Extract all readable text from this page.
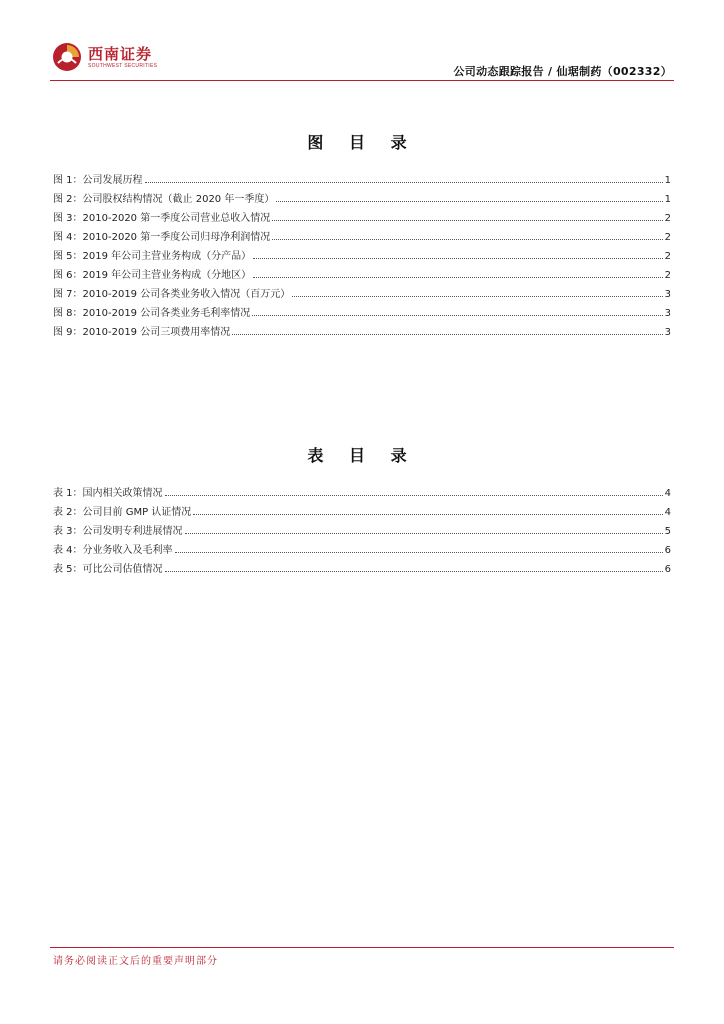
西南证券
SOUTHWEST SECURITIES	公司动态跟踪报告 / 仙琚制药（002332）
图 目 录
图 1：公司发展历程	1
图 2：公司股权结构情况（截止 2020 年一季度）	1
图 3：2010-2020 第一季度公司营业总收入情况	2
图 4：2010-2020 第一季度公司归母净利润情况	2
图 5：2019 年公司主营业务构成（分产品）	2
图 6：2019 年公司主营业务构成（分地区）	2
图 7：2010-2019 公司各类业务收入情况（百万元）	3
图 8：2010-2019 公司各类业务毛利率情况	3
图 9：2010-2019 公司三项费用率情况	3
表 目 录
表 1：国内相关政策情况	4
表 2：公司目前 GMP 认证情况	4
表 3：公司发明专利进展情况	5
表 4：分业务收入及毛利率	6
表 5：可比公司估值情况	6
请务必阅读正文后的重要声明部分
